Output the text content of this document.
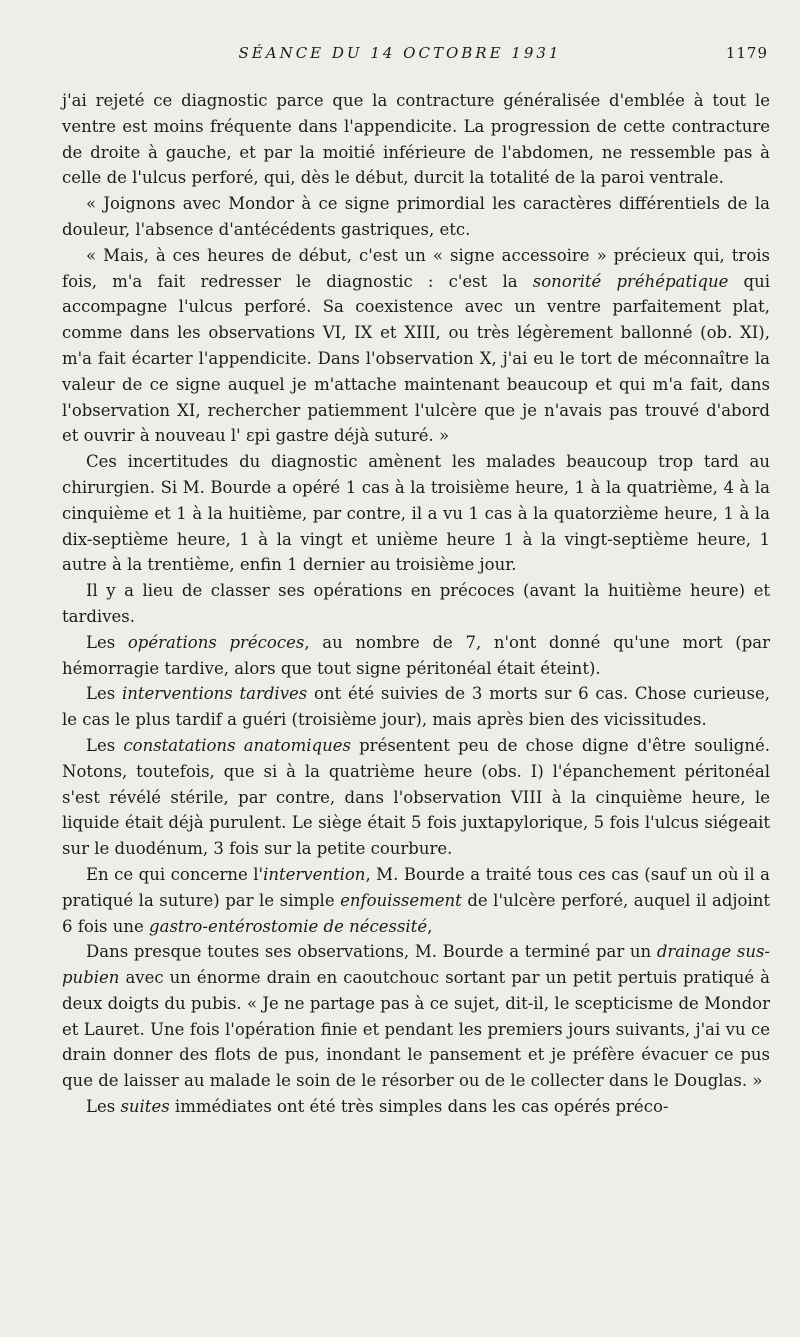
SÉANCE DU 14 OCTOBRE 1931	1179

j'ai rejeté ce diagnostic parce que la contracture généralisée d'emblée à tout le ventre est moins fréquente dans l'appendicite. La progression de cette contracture de droite à gauche, et par la moitié inférieure de l'abdomen, ne ressemble pas à celle de l'ulcus perforé, qui, dès le début, durcit la totalité de la paroi ventrale.

« Joignons avec Mondor à ce signe primordial les caractères différentiels de la douleur, l'absence d'antécédents gastriques, etc.

« Mais, à ces heures de début, c'est un « signe accessoire » précieux qui, trois fois, m'a fait redresser le diagnostic : c'est la sonorité préhépatique qui accompagne l'ulcus perforé. Sa coexistence avec un ventre parfaitement plat, comme dans les observations VI, IX et XIII, ou très légèrement ballonné (ob. XI), m'a fait écarter l'appendicite. Dans l'observation X, j'ai eu le tort de méconnaître la valeur de ce signe auquel je m'attache maintenant beaucoup et qui m'a fait, dans l'observation XI, rechercher patiemment l'ulcère que je n'avais pas trouvé d'abord et ouvrir à nouveau l' ɛpi gastre déjà suturé. »

Ces incertitudes du diagnostic amènent les malades beaucoup trop tard au chirurgien. Si M. Bourde a opéré 1 cas à la troisième heure, 1 à la quatrième, 4 à la cinquième et 1 à la huitième, par contre, il a vu 1 cas à la quatorzième heure, 1 à la dix-septième heure, 1 à la vingt et unième heure 1 à la vingt-septième heure, 1 autre à la trentième, enfin 1 dernier au troisième jour.

Il y a lieu de classer ses opérations en précoces (avant la huitième heure) et tardives.

Les opérations précoces, au nombre de 7, n'ont donné qu'une mort (par hémorragie tardive, alors que tout signe péritonéal était éteint).

Les interventions tardives ont été suivies de 3 morts sur 6 cas. Chose curieuse, le cas le plus tardif a guéri (troisième jour), mais après bien des vicissitudes.

Les constatations anatomiques présentent peu de chose digne d'être souligné. Notons, toutefois, que si à la quatrième heure (obs. I) l'épanchement péritonéal s'est révélé stérile, par contre, dans l'observation VIII à la cinquième heure, le liquide était déjà purulent. Le siège était 5 fois juxtapylorique, 5 fois l'ulcus siégeait sur le duodénum, 3 fois sur la petite courbure.

En ce qui concerne l'intervention, M. Bourde a traité tous ces cas (sauf un où il a pratiqué la suture) par le simple enfouissement de l'ulcère perforé, auquel il adjoint 6 fois une gastro-entérostomie de nécessité,

Dans presque toutes ses observations, M. Bourde a terminé par un drainage sus-pubien avec un énorme drain en caoutchouc sortant par un petit pertuis pratiqué à deux doigts du pubis. « Je ne partage pas à ce sujet, dit-il, le scepticisme de Mondor et Lauret. Une fois l'opération finie et pendant les premiers jours suivants, j'ai vu ce drain donner des flots de pus, inondant le pansement et je préfère évacuer ce pus que de laisser au malade le soin de le résorber ou de le collecter dans le Douglas. »

Les suites immédiates ont été très simples dans les cas opérés préco-
